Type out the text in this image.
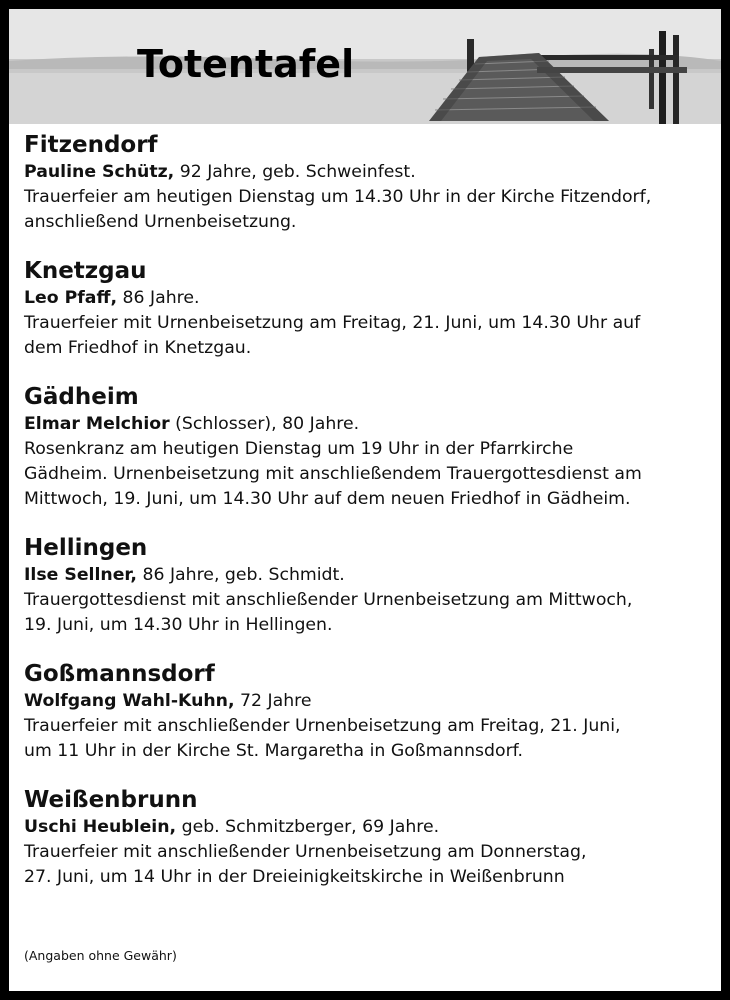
Totentafel

Fitzendorf

Pauline Schütz, 92 Jahre, geb. Schweinfest.

Trauerfeier am heutigen Dienstag um 14.30 Uhr in der Kirche Fitzendorf,

anschließend Urnenbeisetzung.

Knetzgau

Leo Pfaff, 86 Jahre.

Trauerfeier mit Urnenbeisetzung am Freitag, 21. Juni, um 14.30 Uhr auf

dem Friedhof in Knetzgau.

Gädheim

Elmar Melchior (Schlosser), 80 Jahre.

Rosenkranz am heutigen Dienstag um 19 Uhr in der Pfarrkirche

Gädheim. Urnenbeisetzung mit anschließendem Trauergottesdienst am

Mittwoch, 19. Juni, um 14.30 Uhr auf dem neuen Friedhof in Gädheim.

Hellingen

Ilse Sellner, 86 Jahre, geb. Schmidt.

Trauergottesdienst mit anschließender Urnenbeisetzung am Mittwoch,

19. Juni, um 14.30 Uhr in Hellingen.

Goßmannsdorf

Wolfgang Wahl-Kuhn, 72 Jahre

Trauerfeier mit anschließender Urnenbeisetzung am Freitag, 21. Juni,

um 11 Uhr in der Kirche St. Margaretha in Goßmannsdorf.

Weißenbrunn

Uschi Heublein, geb. Schmitzberger, 69 Jahre.

Trauerfeier mit anschließender Urnenbeisetzung am Donnerstag,

27. Juni, um 14 Uhr in der Dreieinigkeitskirche in Weißenbrunn

(Angaben ohne Gewähr)
